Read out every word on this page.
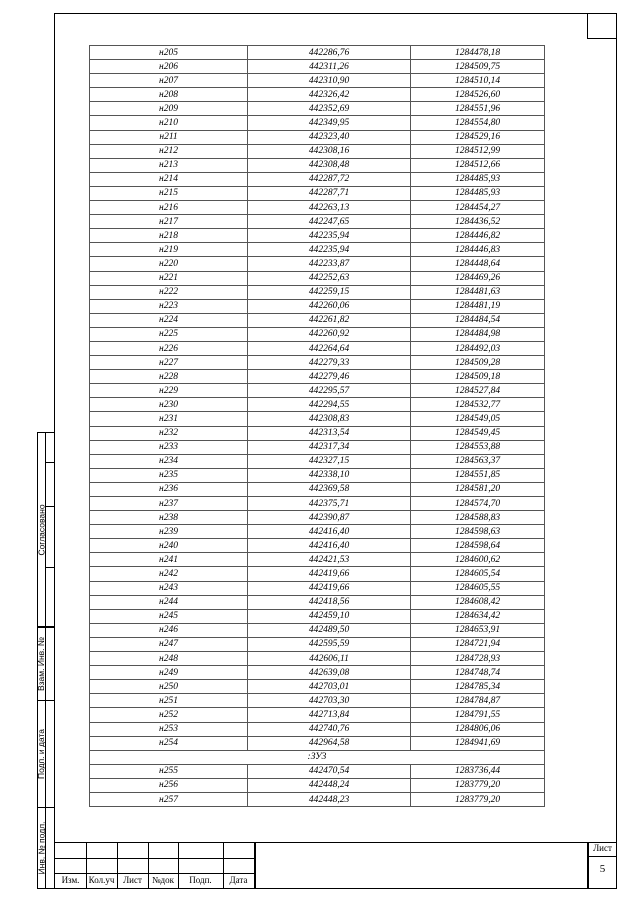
н205	442286,76	1284478,18
н206	442311,26	1284509,75
н207	442310,90	1284510,14
н208	442326,42	1284526,60
н209	442352,69	1284551,96
н210	442349,95	1284554,80
н211	442323,40	1284529,16
н212	442308,16	1284512,99
н213	442308,48	1284512,66
н214	442287,72	1284485,93
н215	442287,71	1284485,93
н216	442263,13	1284454,27
н217	442247,65	1284436,52
н218	442235,94	1284446,82
н219	442235,94	1284446,83
н220	442233,87	1284448,64
н221	442252,63	1284469,26
н222	442259,15	1284481,63
н223	442260,06	1284481,19
н224	442261,82	1284484,54
н225	442260,92	1284484,98
н226	442264,64	1284492,03
н227	442279,33	1284509,28
н228	442279,46	1284509,18
н229	442295,57	1284527,84
н230	442294,55	1284532,77
н231	442308,83	1284549,05
н232	442313,54	1284549,45
н233	442317,34	1284553,88
н234	442327,15	1284563,37
н235	442338,10	1284551,85
н236	442369,58	1284581,20
н237	442375,71	1284574,70
н238	442390,87	1284588,83
н239	442416,40	1284598,63
н240	442416,40	1284598,64
н241	442421,53	1284600,62
н242	442419,66	1284605,54
н243	442419,66	1284605,55
н244	442418,56	1284608,42
н245	442459,10	1284634,42
н246	442489,50	1284653,91
н247	442595,59	1284721,94
н248	442606,11	1284728,93
н249	442639,08	1284748,74
н250	442703,01	1284785,34
н251	442703,30	1284784,87
н252	442713,84	1284791,55
н253	442740,76	1284806,06
н254	442964,58	1284941,69
:ЗУ3		
н255	442470,54	1283736,44
н256	442448,24	1283779,20
н257	442448,23	1283779,20
Согласовано
Взам. Инв. №
Подп. и дата
Инв. № подл.
Изм.	Кол.уч Лист	№док	Подп.	Дата
Лист
5
